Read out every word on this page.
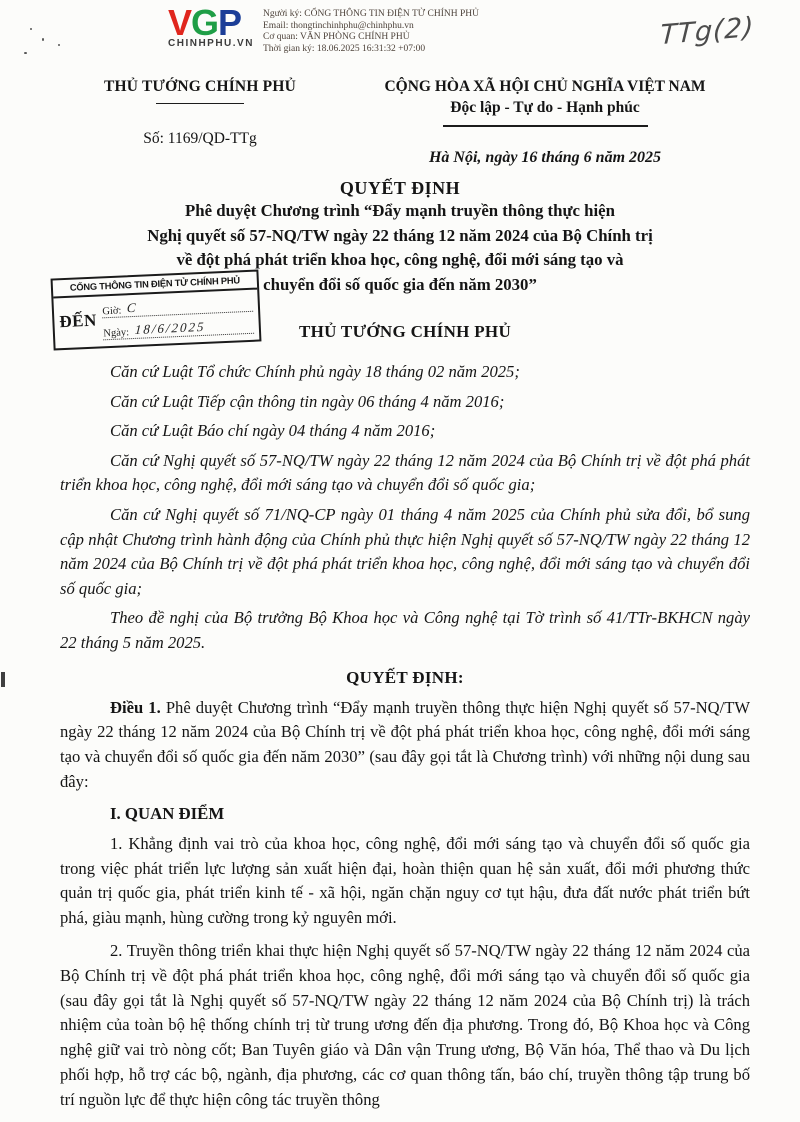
VGP
CHINHPHU.VN
Người ký: CỔNG THÔNG TIN ĐIỆN TỬ CHÍNH PHỦ
Email: thongtinchinhphu@chinhphu.vn
Cơ quan: VĂN PHÒNG CHÍNH PHỦ
Thời gian ký: 18.06.2025 16:31:32 +07:00	TTg(2)
THỦ TƯỚNG CHÍNH PHỦ
Số: 1169/QD-TTg
CỘNG HÒA XÃ HỘI CHỦ NGHĨA VIỆT NAM
Độc lập - Tự do - Hạnh phúc
Hà Nội, ngày 16 tháng 6 năm 2025
QUYẾT ĐỊNH
Phê duyệt Chương trình “Đẩy mạnh truyền thông thực hiện
Nghị quyết số 57-NQ/TW ngày 22 tháng 12 năm 2024 của Bộ Chính trị
về đột phá phát triển khoa học, công nghệ, đổi mới sáng tạo và
chuyển đổi số quốc gia đến năm 2030”
CỔNG THÔNG TIN ĐIỆN TỬ CHÍNH PHỦ
ĐẾN Giờ: C
Ngày: 18/6/2025	THỦ TƯỚNG CHÍNH PHỦ

Căn cứ Luật Tổ chức Chính phủ ngày 18 tháng 02 năm 2025;

Căn cứ Luật Tiếp cận thông tin ngày 06 tháng 4 năm 2016;

Căn cứ Luật Báo chí ngày 04 tháng 4 năm 2016;

Căn cứ Nghị quyết số 57-NQ/TW ngày 22 tháng 12 năm 2024 của Bộ Chính trị về đột phá phát triển khoa học, công nghệ, đổi mới sáng tạo và chuyển đổi số quốc gia;

Căn cứ Nghị quyết số 71/NQ-CP ngày 01 tháng 4 năm 2025 của Chính phủ sửa đổi, bổ sung cập nhật Chương trình hành động của Chính phủ thực hiện Nghị quyết số 57-NQ/TW ngày 22 tháng 12 năm 2024 của Bộ Chính trị về đột phá phát triển khoa học, công nghệ, đổi mới sáng tạo và chuyển đổi số quốc gia;

Theo đề nghị của Bộ trưởng Bộ Khoa học và Công nghệ tại Tờ trình số 41/TTr-BKHCN ngày 22 tháng 5 năm 2025.

QUYẾT ĐỊNH:

Điều 1. Phê duyệt Chương trình “Đẩy mạnh truyền thông thực hiện Nghị quyết số 57-NQ/TW ngày 22 tháng 12 năm 2024 của Bộ Chính trị về đột phá phát triển khoa học, công nghệ, đổi mới sáng tạo và chuyển đổi số quốc gia đến năm 2030” (sau đây gọi tắt là Chương trình) với những nội dung sau đây:

I. QUAN ĐIỂM

1. Khẳng định vai trò của khoa học, công nghệ, đổi mới sáng tạo và chuyển đổi số quốc gia trong việc phát triển lực lượng sản xuất hiện đại, hoàn thiện quan hệ sản xuất, đổi mới phương thức quản trị quốc gia, phát triển kinh tế - xã hội, ngăn chặn nguy cơ tụt hậu, đưa đất nước phát triển bứt phá, giàu mạnh, hùng cường trong kỷ nguyên mới.

2. Truyền thông triển khai thực hiện Nghị quyết số 57-NQ/TW ngày 22 tháng 12 năm 2024 của Bộ Chính trị về đột phá phát triển khoa học, công nghệ, đổi mới sáng tạo và chuyển đổi số quốc gia (sau đây gọi tắt là Nghị quyết số 57-NQ/TW ngày 22 tháng 12 năm 2024 của Bộ Chính trị) là trách nhiệm của toàn bộ hệ thống chính trị từ trung ương đến địa phương. Trong đó, Bộ Khoa học và Công nghệ giữ vai trò nòng cốt; Ban Tuyên giáo và Dân vận Trung ương, Bộ Văn hóa, Thể thao và Du lịch phối hợp, hỗ trợ các bộ, ngành, địa phương, các cơ quan thông tấn, báo chí, truyền thông tập trung bố trí nguồn lực để thực hiện công tác truyền thông
